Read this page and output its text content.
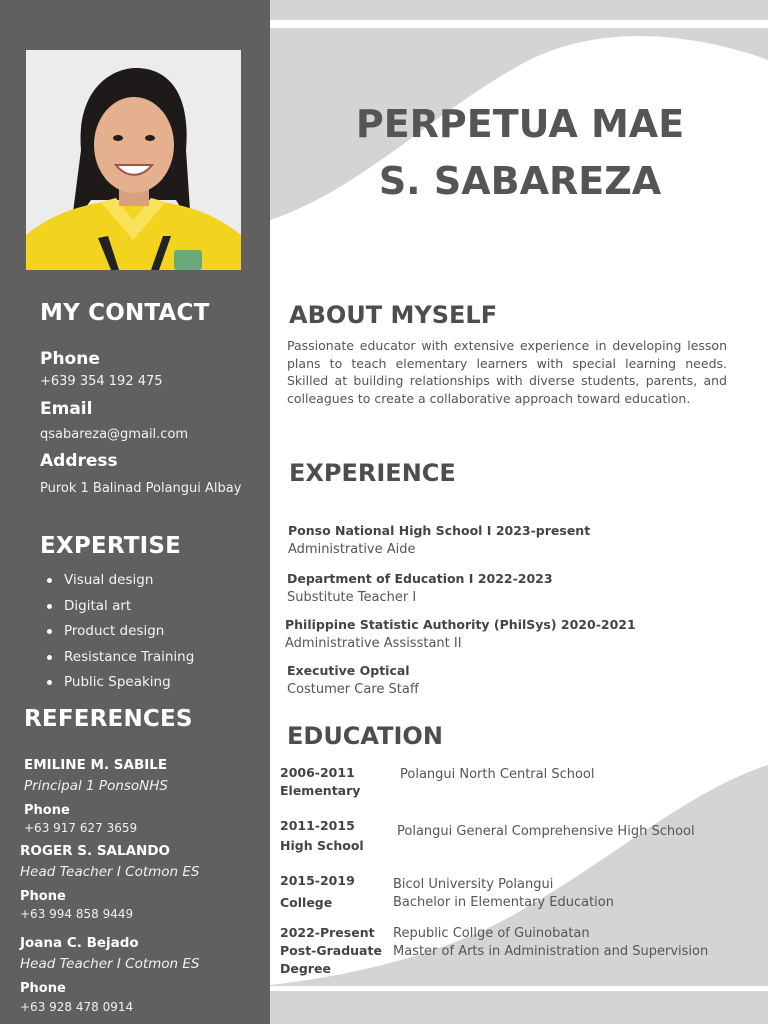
MY CONTACT
Phone
+639 354 192 475
Email
qsabareza@gmail.com
Address
Purok 1 Balinad Polangui Albay
EXPERTISE
Visual design
Digital art
Product design
Resistance Training
Public Speaking
REFERENCES
EMILINE M. SABILE
Principal 1 PonsoNHS
Phone
+63 917 627 3659
ROGER S. SALANDO
Head Teacher I Cotmon ES
Phone
+63 994 858 9449
Joana C. Bejado
Head Teacher I Cotmon ES
Phone
+63 928 478 0914
PERPETUA MAE
S. SABAREZA
ABOUT MYSELF
Passionate educator with extensive experience in developing lesson plans to teach elementary learners with special learning needs. Skilled at building relationships with diverse students, parents, and colleagues to create a collaborative approach toward education.
EXPERIENCE
Ponso National High School I 2023-present
Administrative Aide
Department of Education I 2022-2023
Substitute Teacher I
Philippine Statistic Authority (PhilSys) 2020-2021
Administrative Assisstant II
Executive Optical
Costumer Care Staff
EDUCATION
2006-2011
Elementary
Polangui North Central School
2011-2015
High School
Polangui General Comprehensive High School
2015-2019
College
Bicol University Polangui
Bachelor in Elementary Education
2022-Present
Post-Graduate
Degree
Republic Collge of Guinobatan
Master of Arts in Administration and Supervision
